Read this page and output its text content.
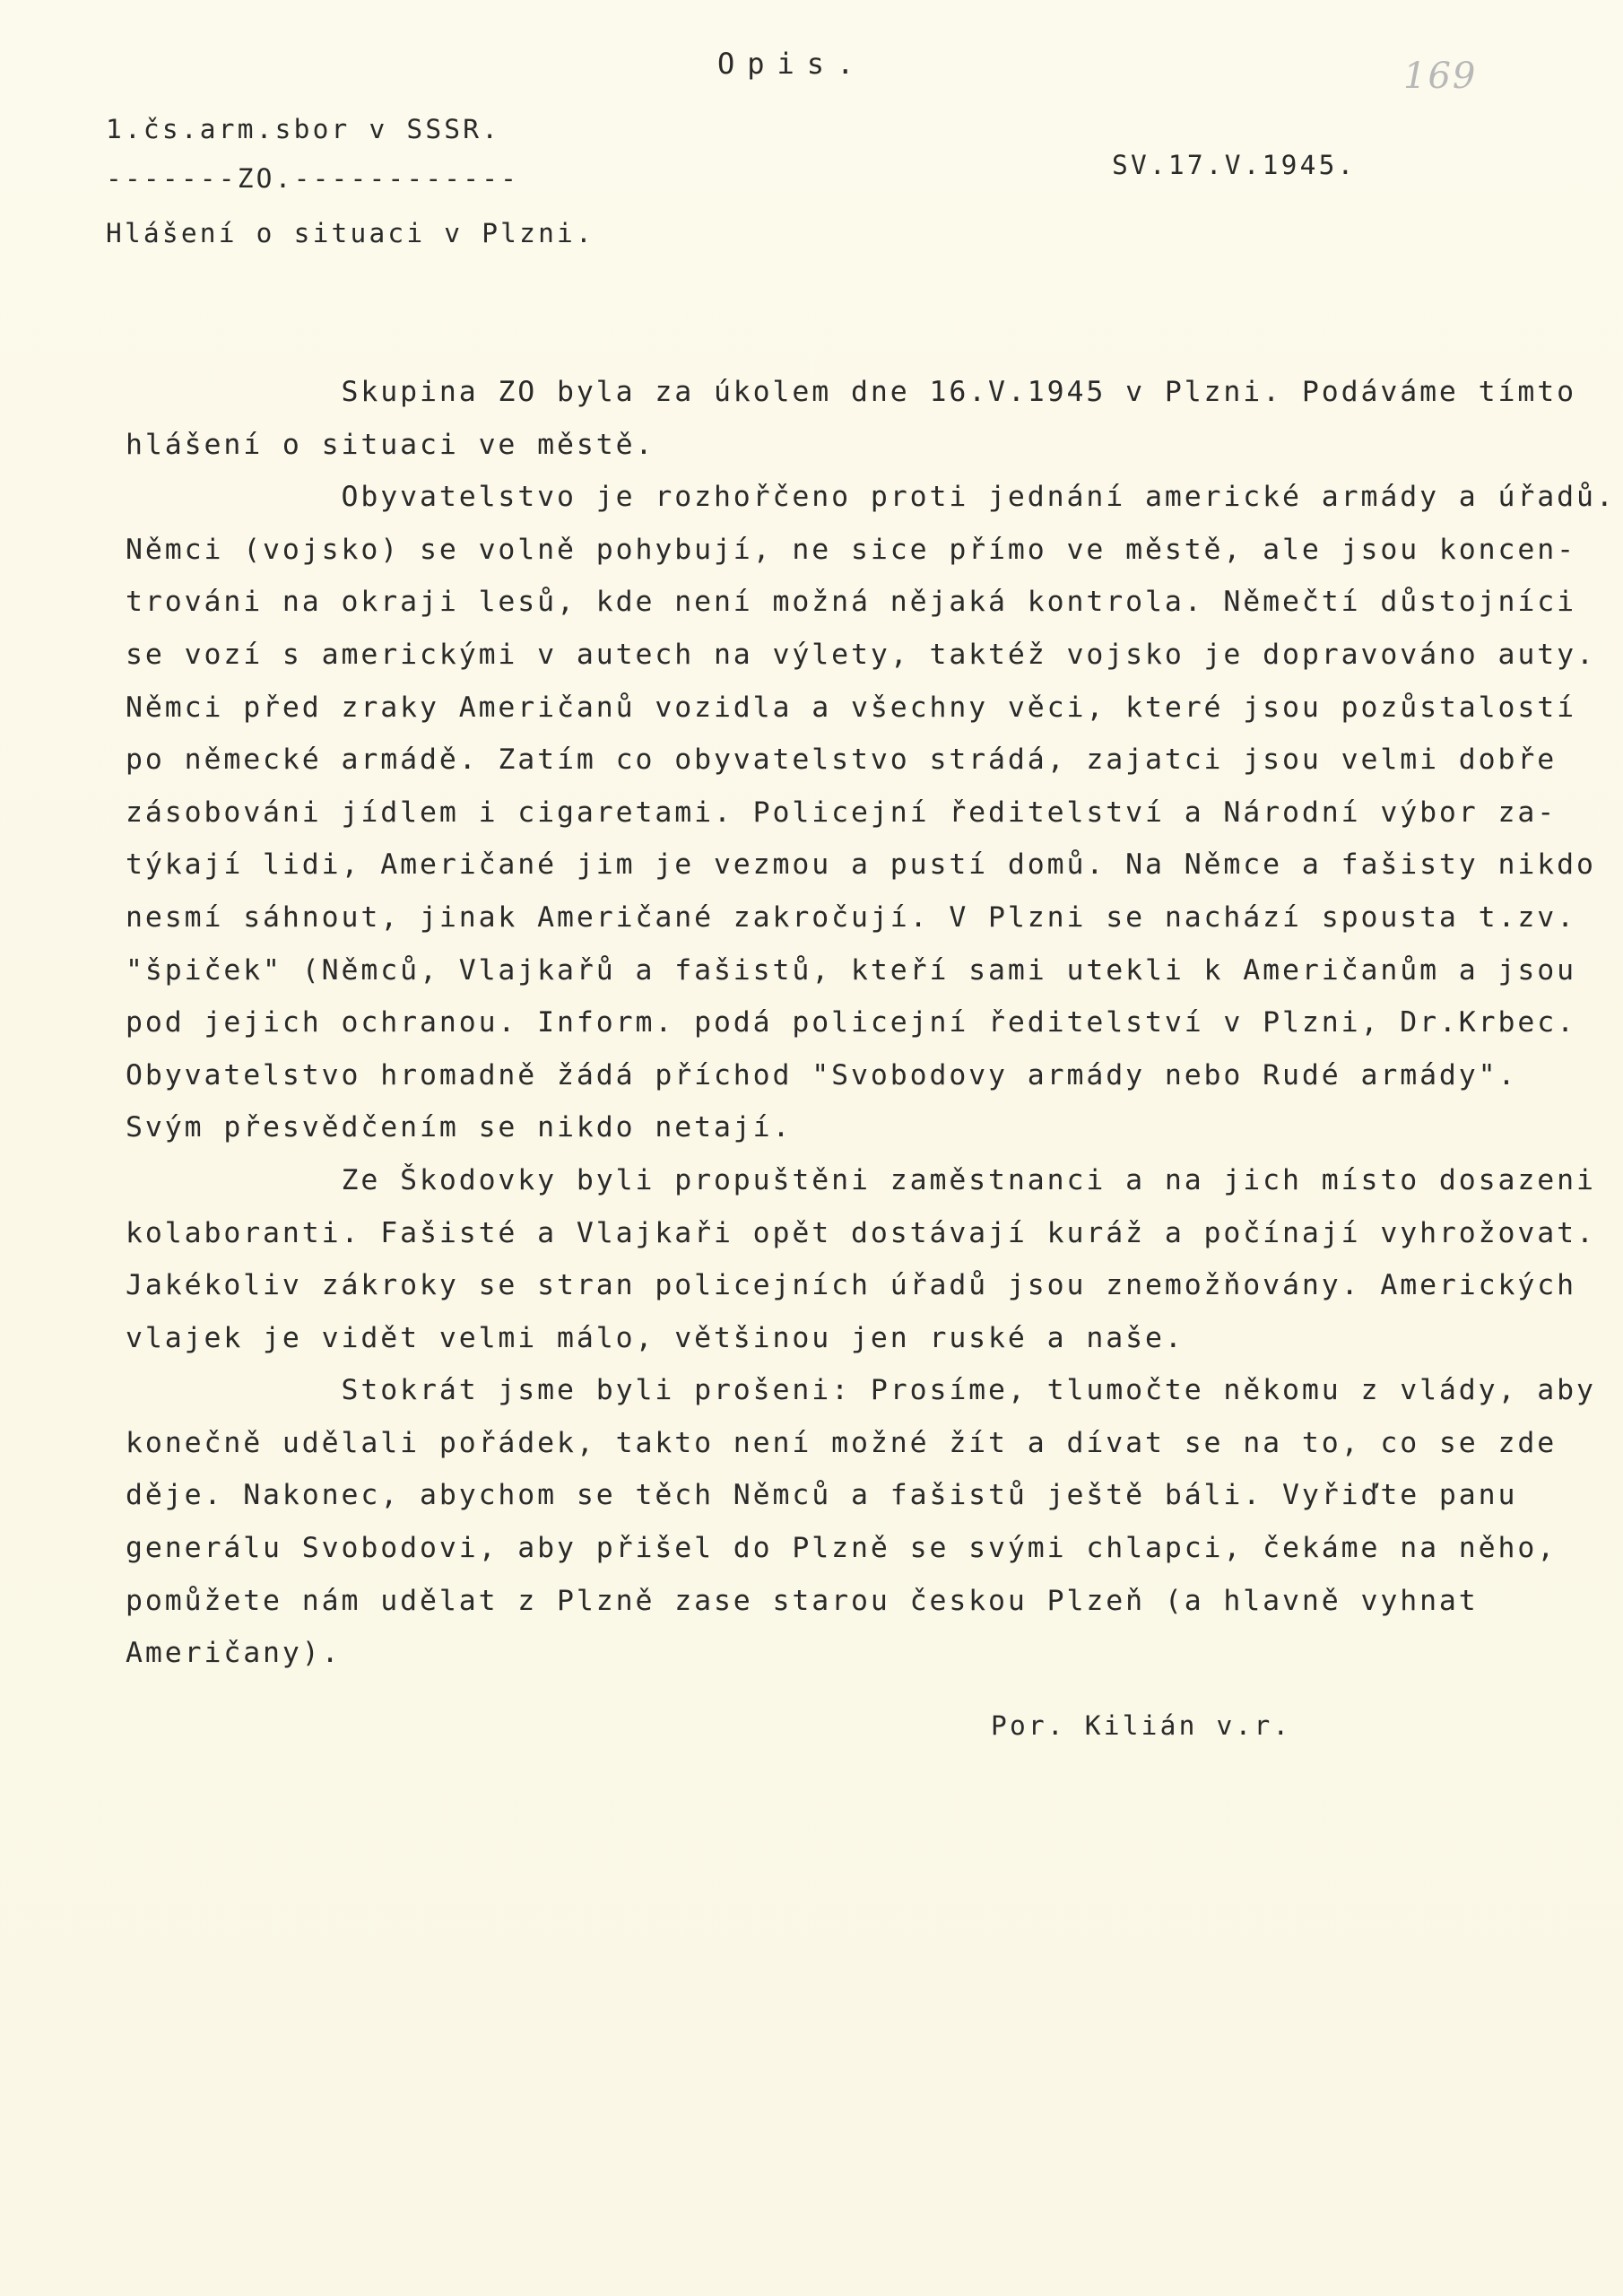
Opis.	169
1.čs.arm.sbor v SSSR.
-------ZO.------------	SV.17.V.1945.
Hlášení o situaci v Plzni.
Skupina ZO byla za úkolem dne 16.V.1945 v Plzni. Podáváme tímto
hlášení o situaci ve městě.
Obyvatelstvo je rozhořčeno proti jednání americké armády a úřadů.
Němci (vojsko) se volně pohybují, ne sice přímo ve městě, ale jsou koncen-
trováni na okraji lesů, kde není možná nějaká kontrola. Němečtí důstojníci
se vozí s americkými v autech na výlety, taktéž vojsko je dopravováno auty.
Němci před zraky Američanů vozidla a všechny věci, které jsou pozůstalostí
po německé armádě. Zatím co obyvatelstvo strádá, zajatci jsou velmi dobře
zásobováni jídlem i cigaretami. Policejní ředitelství a Národní výbor za-
týkají lidi, Američané jim je vezmou a pustí domů. Na Němce a fašisty nikdo
nesmí sáhnout, jinak Američané zakročují. V Plzni se nachází spousta t.zv.
"špiček" (Němců, Vlajkařů a fašistů, kteří sami utekli k Američanům a jsou
pod jejich ochranou. Inform. podá policejní ředitelství v Plzni, Dr.Krbec.
Obyvatelstvo hromadně žádá příchod "Svobodovy armády nebo Rudé armády".
Svým přesvědčením se nikdo netají.
Ze Škodovky byli propuštěni zaměstnanci a na jich místo dosazeni
kolaboranti. Fašisté a Vlajkaři opět dostávají kuráž a počínají vyhrožovat.
Jakékoliv zákroky se stran policejních úřadů jsou znemožňovány. Amerických
vlajek je vidět velmi málo, většinou jen ruské a naše.
Stokrát jsme byli prošeni: Prosíme, tlumočte někomu z vlády, aby
konečně udělali pořádek, takto není možné žít a dívat se na to, co se zde
děje. Nakonec, abychom se těch Němců a fašistů ještě báli. Vyřiďte panu
generálu Svobodovi, aby přišel do Plzně se svými chlapci, čekáme na něho,
pomůžete nám udělat z Plzně zase starou českou Plzeň (a hlavně vyhnat
Američany).
Por. Kilián v.r.
